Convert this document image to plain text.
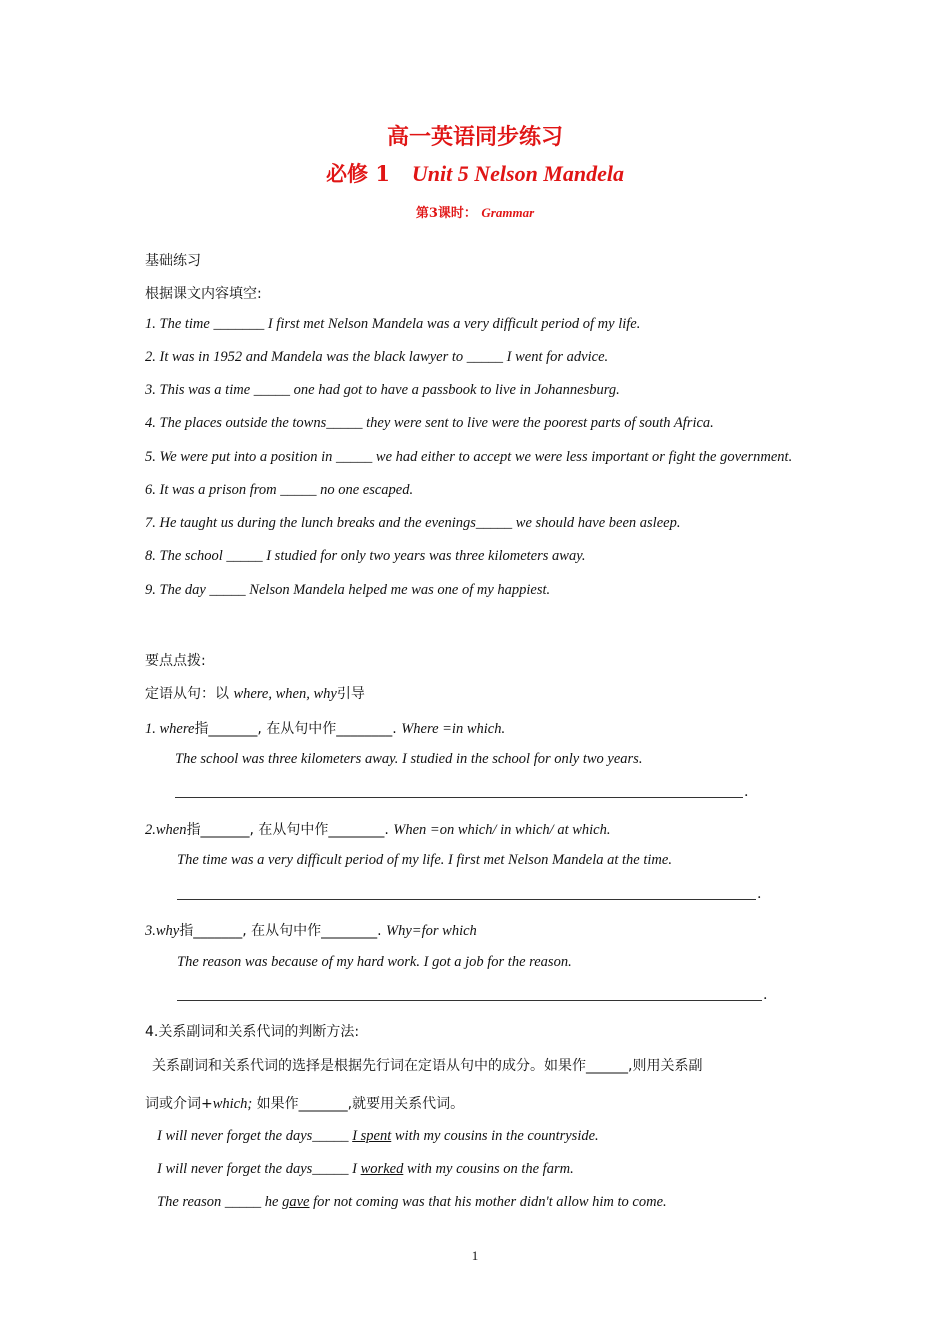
高一英语同步练习
必修 1 Unit 5 Nelson Mandela
第3课时： Grammar
基础练习
根据课文内容填空:
1. The time _______ I first met Nelson Mandela was a very difficult period of my life.
2. It was in 1952 and Mandela was the black lawyer to _____ I went for advice.
3. This was a time _____ one had got to have a passbook to live in Johannesburg.
4. The places outside the towns_____ they were sent to live were the poorest parts of south Africa.
5. We were put into a position in _____ we had either to accept we were less important or fight the government.
6. It was a prison from _____ no one escaped.
7. He taught us during the lunch breaks and the evenings_____ we should have been asleep.
8. The school _____ I studied for only two years was three kilometers away.
9. The day _____ Nelson Mandela helped me was one of my happiest.
要点点拨:
定语从句：以 where, when, why引导
1. where指_______, 在从句中作________. Where =in which.
The school was three kilometers away. I studied in the school for only two years.
.
2.when指_______, 在从句中作________. When =on which/ in which/ at which.
The time was a very difficult period of my life. I first met Nelson Mandela at the time.
.
3.why指_______, 在从句中作________. Why=for which
The reason was because of my hard work. I got a job for the reason.
.
4.关系副词和关系代词的判断方法:
关系副词和关系代词的选择是根据先行词在定语从句中的成分。如果作______,则用关系副
词或介词+which; 如果作_______,就要用关系代词。
I will never forget the days_____ I spent with my cousins in the countryside.
I will never forget the days_____ I worked with my cousins on the farm.
The reason _____ he gave for not coming was that his mother didn't allow him to come.
1
